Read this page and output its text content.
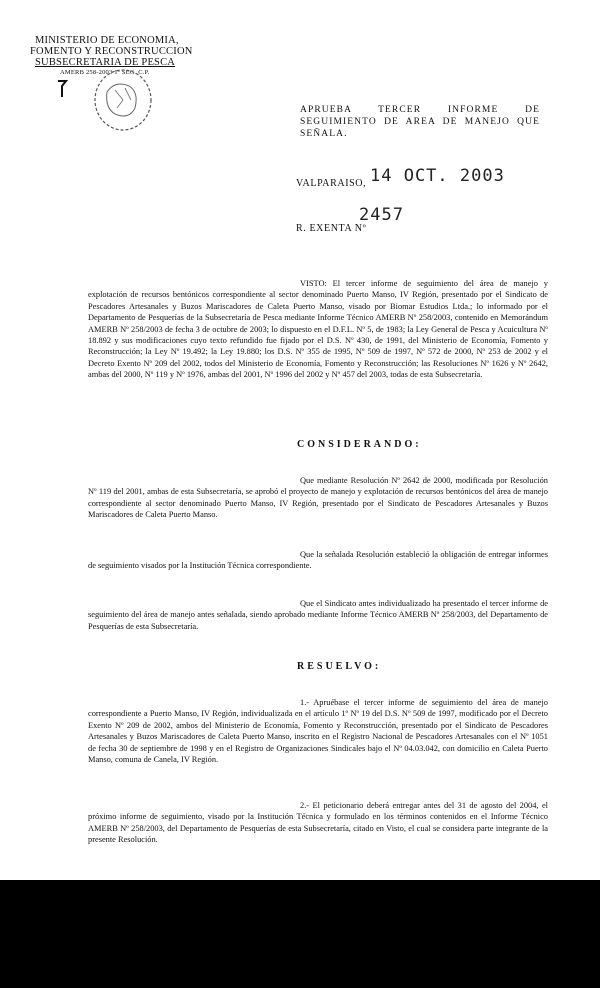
MINISTERIO DE ECONOMIA,
FOMENTO Y RECONSTRUCCION
SUBSECRETARIA DE PESCA
AMERB 258-2003 1º SEG. C.P.
APRUEBA TERCER INFORME DE SEGUIMIENTO DE AREA DE MANEJO QUE SEÑALA.
VALPARAISO, 14 OCT. 2003
R. EXENTA Nº
2457
VISTO: El tercer informe de seguimiento del área de manejo y explotación de recursos bentónicos correspondiente al sector denominado Puerto Manso, IV Región, presentado por el Sindicato de Pescadores Artesanales y Buzos Mariscadores de Caleta Puerto Manso, visado por Biomar Estudios Ltda.; lo informado por el Departamento de Pesquerías de la Subsecretaría de Pesca mediante Informe Técnico AMERB Nº 258/2003, contenido en Memorándum AMERB Nº 258/2003 de fecha 3 de octubre de 2003; lo dispuesto en el D.F.L. Nº 5, de 1983; la Ley General de Pesca y Acuicultura Nº 18.892 y sus modificaciones cuyo texto refundido fue fijado por el D.S. Nº 430, de 1991, del Ministerio de Economía, Fomento y Reconstrucción; la Ley Nº 19.492; la Ley 19.880; los D.S. Nº 355 de 1995, Nº 509 de 1997, Nº 572 de 2000, Nº 253 de 2002 y el Decreto Exento Nº 209 del 2002, todos del Ministerio de Economía, Fomento y Reconstrucción; las Resoluciones Nº 1626 y Nº 2642, ambas del 2000, Nº 119 y Nº 1976, ambas del 2001, Nº 1996 del 2002 y Nº 457 del 2003, todas de esta Subsecretaría.
CONSIDERANDO:
Que mediante Resolución Nº 2642 de 2000, modificada por Resolución Nº 119 del 2001, ambas de esta Subsecretaría, se aprobó el proyecto de manejo y explotación de recursos bentónicos del área de manejo correspondiente al sector denominado Puerto Manso, IV Región, presentado por el Sindicato de Pescadores Artesanales y Buzos Mariscadores de Caleta Puerto Manso.
Que la señalada Resolución estableció la obligación de entregar informes de seguimiento visados por la Institución Técnica correspondiente.
Que el Sindicato antes individualizado ha presentado el tercer informe de seguimiento del área de manejo antes señalada, siendo aprobado mediante Informe Técnico AMERB Nº 258/2003, del Departamento de Pesquerías de esta Subsecretaría.
RESUELVO:
1.- Apruébase el tercer informe de seguimiento del área de manejo correspondiente a Puerto Manso, IV Región, individualizada en el artículo 1º Nº 19 del D.S. Nº 509 de 1997, modificado por el Decreto Exento Nº 209 de 2002, ambos del Ministerio de Economía, Fomento y Reconstrucción, presentado por el Sindicato de Pescadores Artesanales y Buzos Mariscadores de Caleta Puerto Manso, inscrito en el Registro Nacional de Pescadores Artesanales con el Nº 1051 de fecha 30 de septiembre de 1998 y en el Registro de Organizaciones Sindicales bajo el Nº 04.03.042, con domicilio en Caleta Puerto Manso, comuna de Canela, IV Región.
2.- El peticionario deberá entregar antes del 31 de agosto del 2004, el próximo informe de seguimiento, visado por la Institución Técnica y formulado en los términos contenidos en el Informe Técnico AMERB Nº 258/2003, del Departamento de Pesquerías de esta Subsecretaría, citado en Visto, el cual se considera parte integrante de la presente Resolución.
